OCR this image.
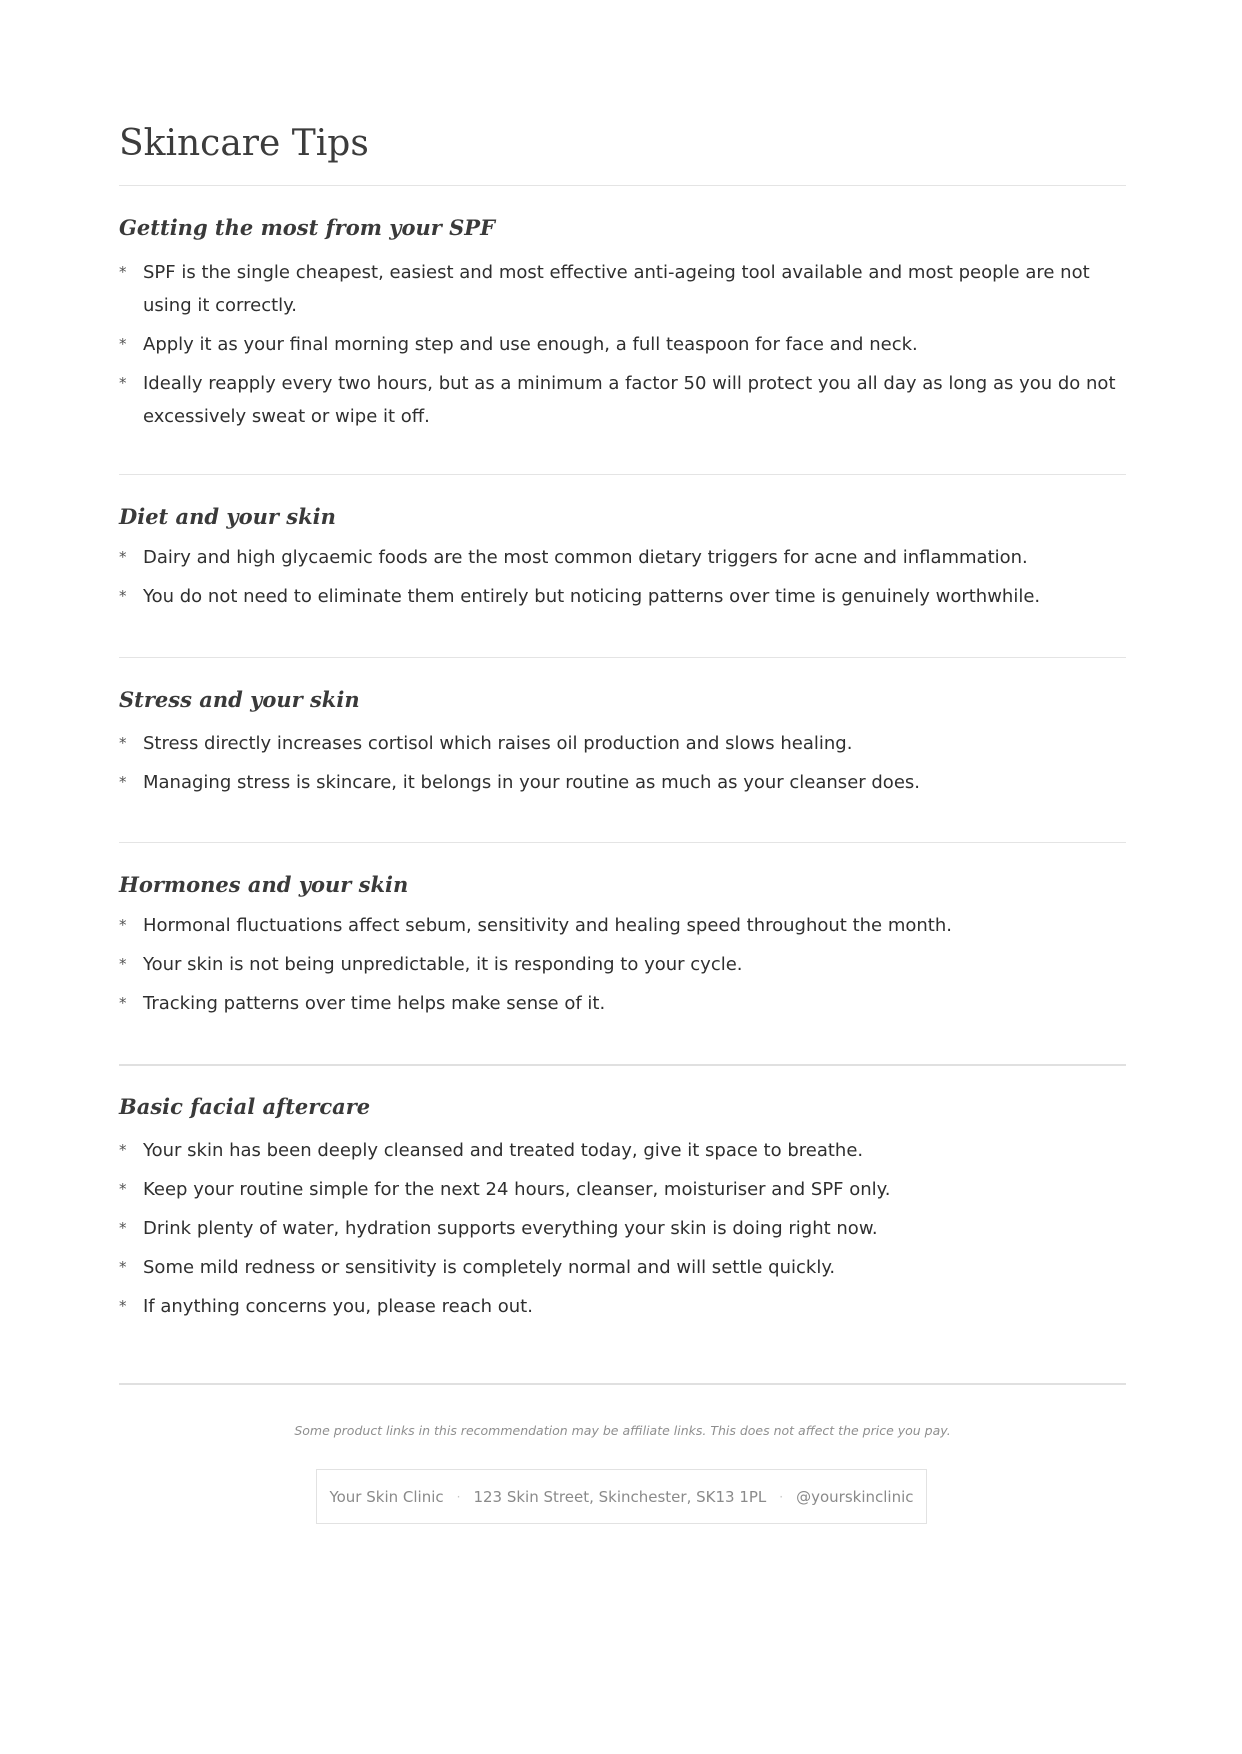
Skincare Tips
Getting the most from your SPF
* SPF is the single cheapest, easiest and most effective anti-ageing tool available and most people are not using it correctly.
* Apply it as your final morning step and use enough, a full teaspoon for face and neck.
* Ideally reapply every two hours, but as a minimum a factor 50 will protect you all day as long as you do not excessively sweat or wipe it off.
Diet and your skin
* Dairy and high glycaemic foods are the most common dietary triggers for acne and inflammation.
* You do not need to eliminate them entirely but noticing patterns over time is genuinely worthwhile.
Stress and your skin
* Stress directly increases cortisol which raises oil production and slows healing.
* Managing stress is skincare, it belongs in your routine as much as your cleanser does.
Hormones and your skin
* Hormonal fluctuations affect sebum, sensitivity and healing speed throughout the month.
* Your skin is not being unpredictable, it is responding to your cycle.
* Tracking patterns over time helps make sense of it.
Basic facial aftercare
* Your skin has been deeply cleansed and treated today, give it space to breathe.
* Keep your routine simple for the next 24 hours, cleanser, moisturiser and SPF only.
* Drink plenty of water, hydration supports everything your skin is doing right now.
* Some mild redness or sensitivity is completely normal and will settle quickly.
* If anything concerns you, please reach out.

Some product links in this recommendation may be affiliate links. This does not affect the price you pay.

Your Skin Clinic · 123 Skin Street, Skinchester, SK13 1PL · @yourskinclinic
